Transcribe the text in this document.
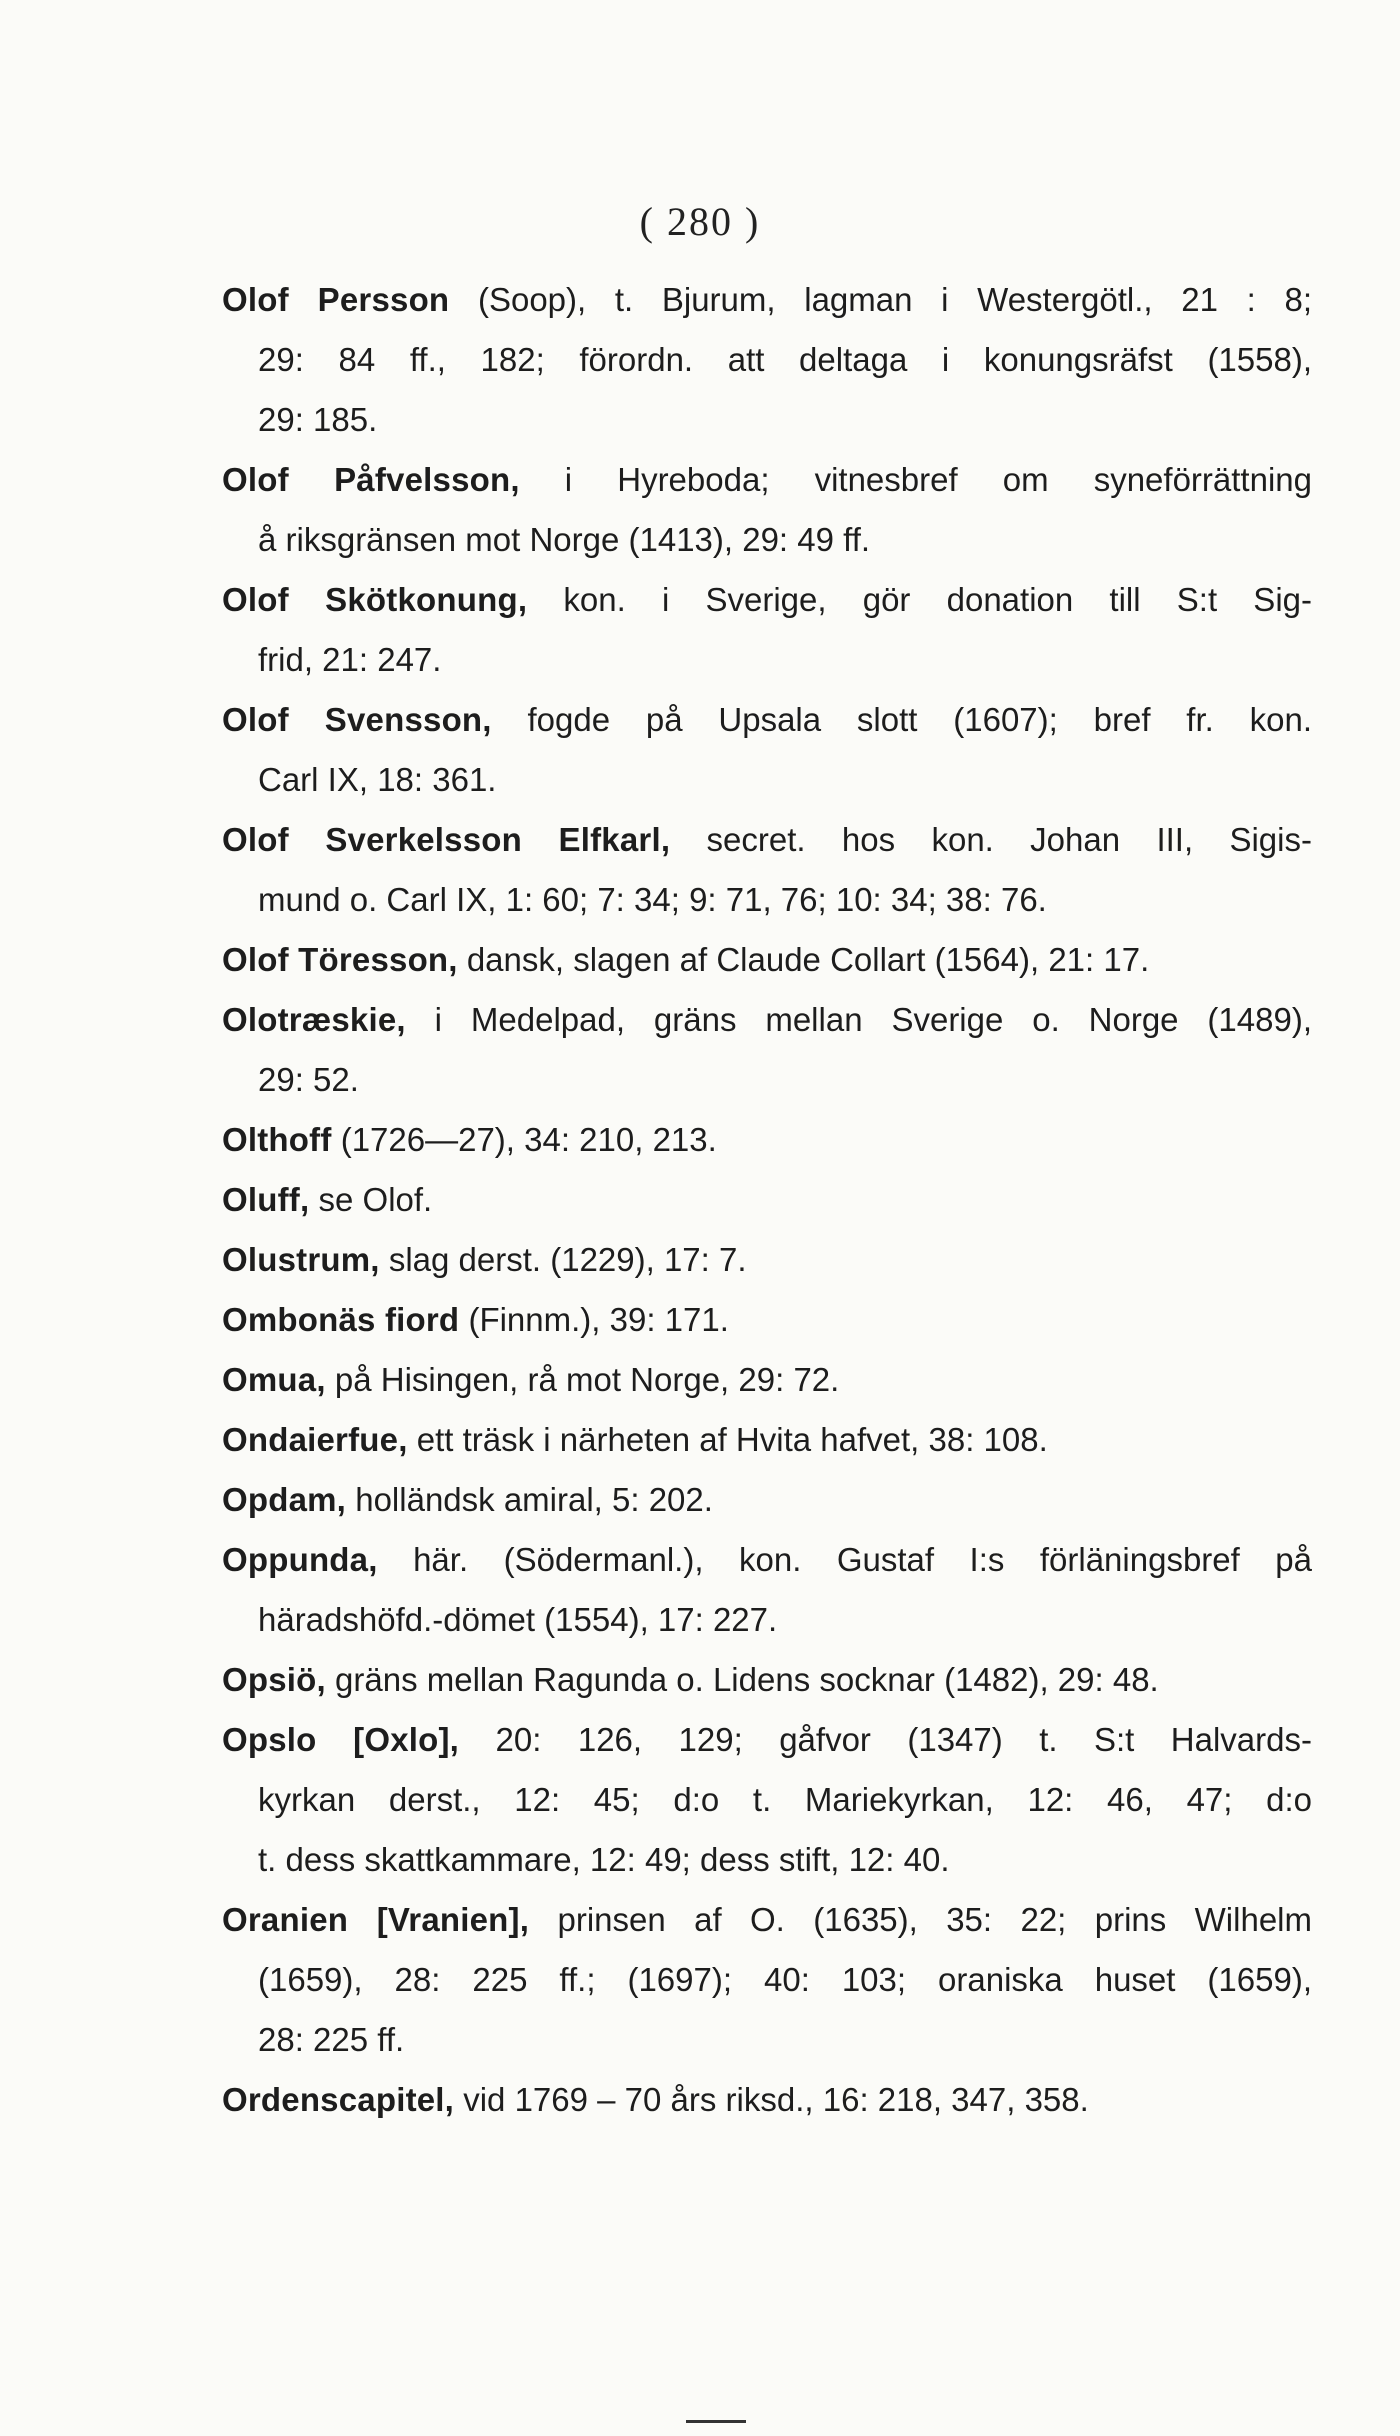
( 280 )
Olof Persson (Soop), t. Bjurum, lagman i Westergötl., 21 : 8;
29: 84 ff., 182; förordn. att deltaga i konungsräfst (1558),
29: 185.
Olof Påfvelsson, i Hyreboda; vitnesbref om syneförrättning
å riksgränsen mot Norge (1413), 29: 49 ff.
Olof Skötkonung, kon. i Sverige, gör donation till S:t Sig-
frid, 21: 247.
Olof Svensson, fogde på Upsala slott (1607); bref fr. kon.
Carl IX, 18: 361.
Olof Sverkelsson Elfkarl, secret. hos kon. Johan III, Sigis-
mund o. Carl IX, 1: 60; 7: 34; 9: 71, 76; 10: 34; 38: 76.
Olof Töresson, dansk, slagen af Claude Collart (1564), 21: 17.
Olotræskie, i Medelpad, gräns mellan Sverige o. Norge (1489),
29: 52.
Olthoff (1726—27), 34: 210, 213.
Oluff, se Olof.
Olustrum, slag derst. (1229), 17: 7.
Ombonäs fiord (Finnm.), 39: 171.
Omua, på Hisingen, rå mot Norge, 29: 72.
Ondaierfue, ett träsk i närheten af Hvita hafvet, 38: 108.
Opdam, holländsk amiral, 5: 202.
Oppunda, här. (Södermanl.), kon. Gustaf I:s förläningsbref på
häradshöfd.-dömet (1554), 17: 227.
Opsiö, gräns mellan Ragunda o. Lidens socknar (1482), 29: 48.
Opslo [Oxlo], 20: 126, 129; gåfvor (1347) t. S:t Halvards-
kyrkan derst., 12: 45; d:o t. Mariekyrkan, 12: 46, 47; d:o
t. dess skattkammare, 12: 49; dess stift, 12: 40.
Oranien [Vranien], prinsen af O. (1635), 35: 22; prins Wilhelm
(1659), 28: 225 ff.; (1697); 40: 103; oraniska huset (1659),
28: 225 ff.
Ordenscapitel, vid 1769 – 70 års riksd., 16: 218, 347, 358.
